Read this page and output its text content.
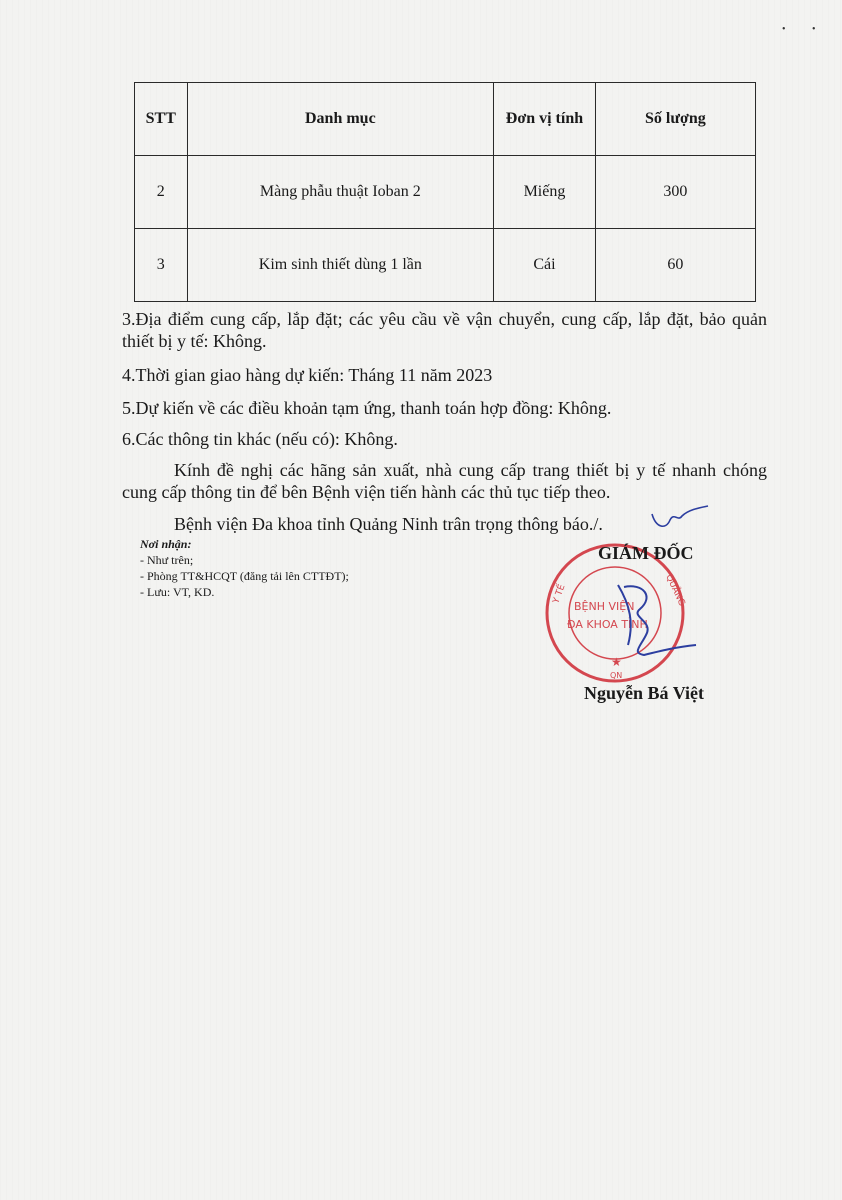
•	•
STT	Danh mục	Đơn vị tính	Số lượng
2	Màng phẫu thuật Ioban 2	Miếng	300
3	Kim sinh thiết dùng 1 lần	Cái	60

3.Địa điểm cung cấp, lắp đặt; các yêu cầu về vận chuyển, cung cấp, lắp đặt, bảo quản thiết bị y tế: Không.

4.Thời gian giao hàng dự kiến: Tháng 11 năm 2023

5.Dự kiến về các điều khoản tạm ứng, thanh toán hợp đồng: Không.

6.Các thông tin khác (nếu có): Không.

Kính đề nghị các hãng sản xuất, nhà cung cấp trang thiết bị y tế nhanh chóng cung cấp thông tin để bên Bệnh viện tiến hành các thủ tục tiếp theo.

Bệnh viện Đa khoa tỉnh Quảng Ninh trân trọng thông báo./.

Nơi nhận:
- Như trên;
- Phòng TT&HCQT (đăng tải lên CTTĐT);
- Lưu: VT, KD.	Y TẾ	QUẢNG
QN
BỆNH VIỆN
ĐA KHOA TỈNH
★
GIÁM ĐỐC
Nguyễn Bá Việt
